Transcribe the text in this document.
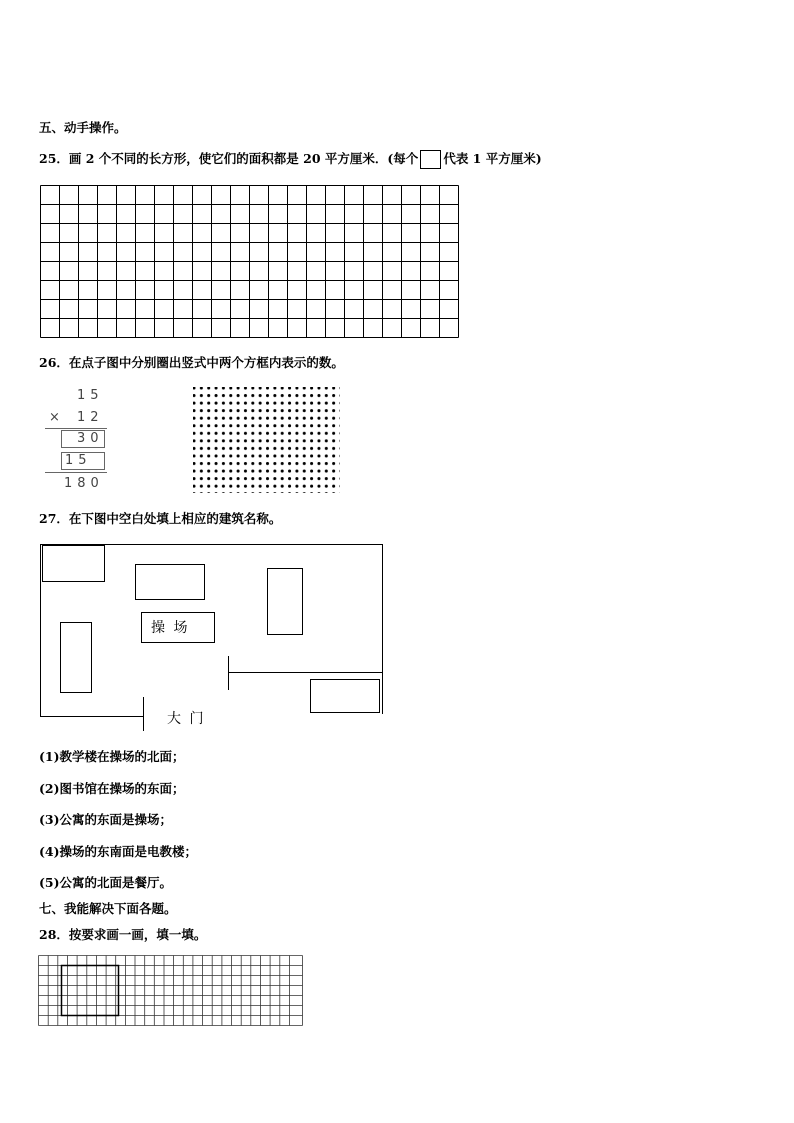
五、动手操作。
25．画 2 个不同的长方形，使它们的面积都是 20 平方厘米．(每个 代表 1 平方厘米)
26．在点子图中分别圈出竖式中两个方框内表示的数。
15
× 12
30
15
180
27．在下图中空白处填上相应的建筑名称。
操 场
大 门
(1)教学楼在操场的北面；
(2)图书馆在操场的东面；
(3)公寓的东面是操场；
(4)操场的东南面是电教楼；
(5)公寓的北面是餐厅。
七、我能解决下面各题。
28．按要求画一画，填一填。
